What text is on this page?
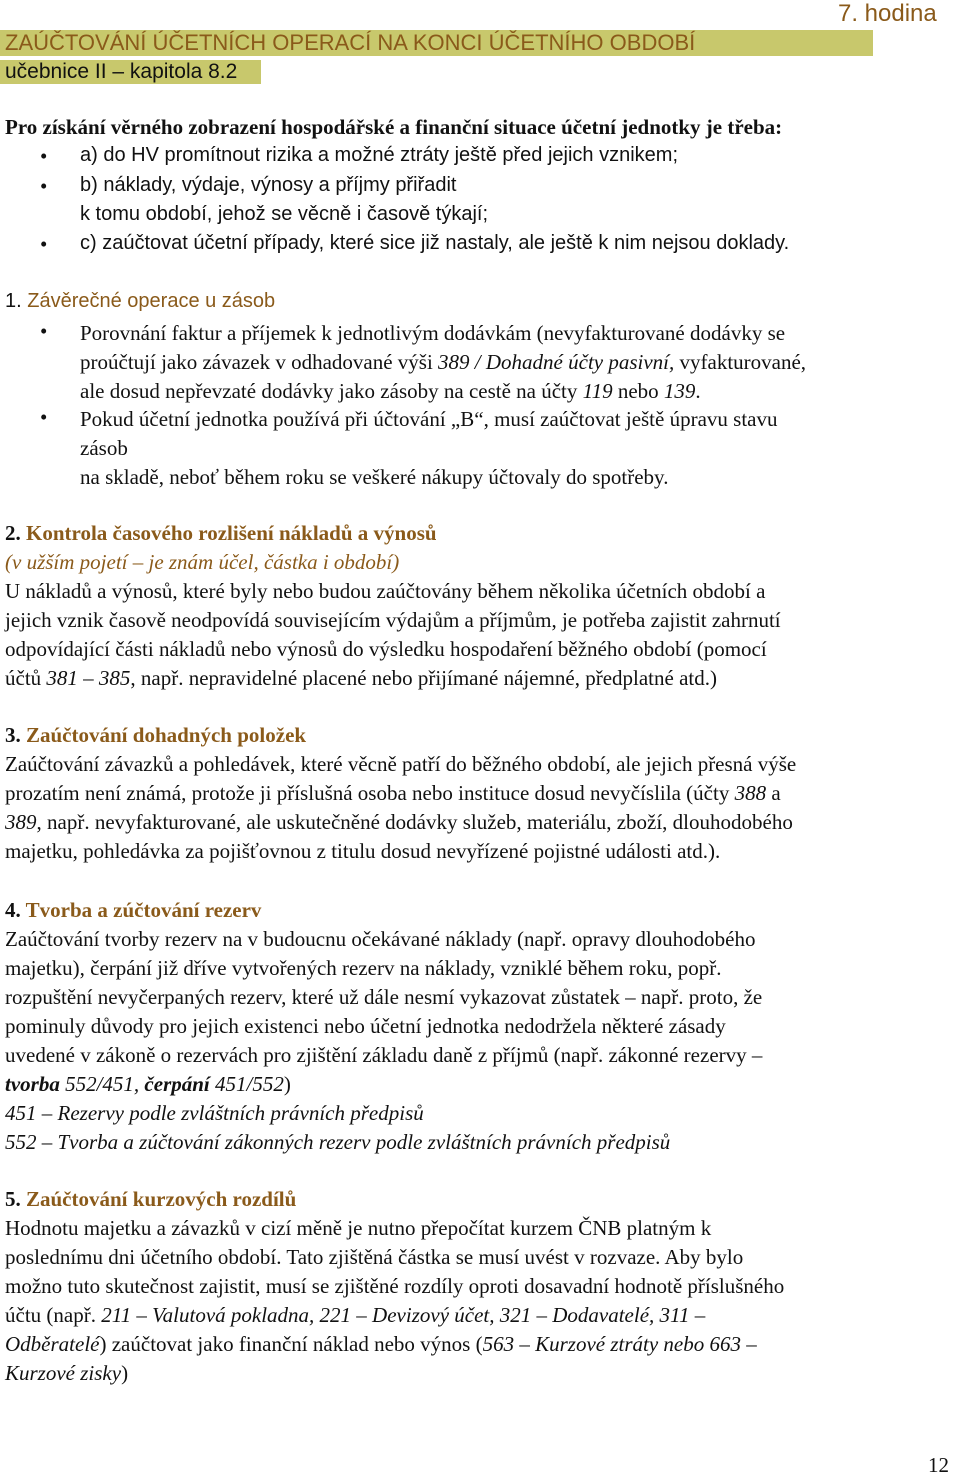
7. hodina
ZAÚČTOVÁNÍ ÚČETNÍCH OPERACÍ NA KONCI ÚČETNÍHO OBDOBÍ
učebnice II – kapitola 8.2
Pro získání věrného zobrazení hospodářské a finanční situace účetní jednotky je třeba:
• a) do HV promítnout rizika a možné ztráty ještě před jejich vznikem;
• b) náklady, výdaje, výnosy a příjmy přiřadit
k tomu období, jehož se věcně i časově týkají;
• c) zaúčtovat účetní případy, které sice již nastaly, ale ještě k nim nejsou doklady.
1. Závěrečné operace u zásob
• Porovnání faktur a příjemek k jednotlivým dodávkám (nevyfakturované dodávky se
proúčtují jako závazek v odhadované výši 389 / Dohadné účty pasivní, vyfakturované,
ale dosud nepřevzaté dodávky jako zásoby na cestě na účty 119 nebo 139.
• Pokud účetní jednotka používá při účtování „B“, musí zaúčtovat ještě úpravu stavu
zásob
na skladě, neboť během roku se veškeré nákupy účtovaly do spotřeby.
2. Kontrola časového rozlišení nákladů a výnosů
(v užším pojetí – je znám účel, částka i období)
U nákladů a výnosů, které byly nebo budou zaúčtovány během několika účetních období a
jejich vznik časově neodpovídá souvisejícím výdajům a příjmům, je potřeba zajistit zahrnutí
odpovídající části nákladů nebo výnosů do výsledku hospodaření běžného období (pomocí
účtů 381 – 385, např. nepravidelné placené nebo přijímané nájemné, předplatné atd.)
3. Zaúčtování dohadných položek
Zaúčtování závazků a pohledávek, které věcně patří do běžného období, ale jejich přesná výše
prozatím není známá, protože ji příslušná osoba nebo instituce dosud nevyčíslila (účty 388 a
389, např. nevyfakturované, ale uskutečněné dodávky služeb, materiálu, zboží, dlouhodobého
majetku, pohledávka za pojišťovnou z titulu dosud nevyřízené pojistné události atd.).
4. Tvorba a zúčtování rezerv
Zaúčtování tvorby rezerv na v budoucnu očekávané náklady (např. opravy dlouhodobého
majetku), čerpání již dříve vytvořených rezerv na náklady, vzniklé během roku, popř.
rozpuštění nevyčerpaných rezerv, které už dále nesmí vykazovat zůstatek – např. proto, že
pominuly důvody pro jejich existenci nebo účetní jednotka nedodržela některé zásady
uvedené v zákoně o rezervách pro zjištění základu daně z příjmů (např. zákonné rezervy –
tvorba 552/451, čerpání 451/552)
451 – Rezervy podle zvláštních právních předpisů
552 – Tvorba a zúčtování zákonných rezerv podle zvláštních právních předpisů
5. Zaúčtování kurzových rozdílů
Hodnotu majetku a závazků v cizí měně je nutno přepočítat kurzem ČNB platným k
poslednímu dni účetního období. Tato zjištěná částka se musí uvést v rozvaze. Aby bylo
možno tuto skutečnost zajistit, musí se zjištěné rozdíly oproti dosavadní hodnotě příslušného
účtu (např. 211 – Valutová pokladna, 221 – Devizový účet, 321 – Dodavatelé, 311 –
Odběratelé) zaúčtovat jako finanční náklad nebo výnos (563 – Kurzové ztráty nebo 663 –
Kurzové zisky)
12
